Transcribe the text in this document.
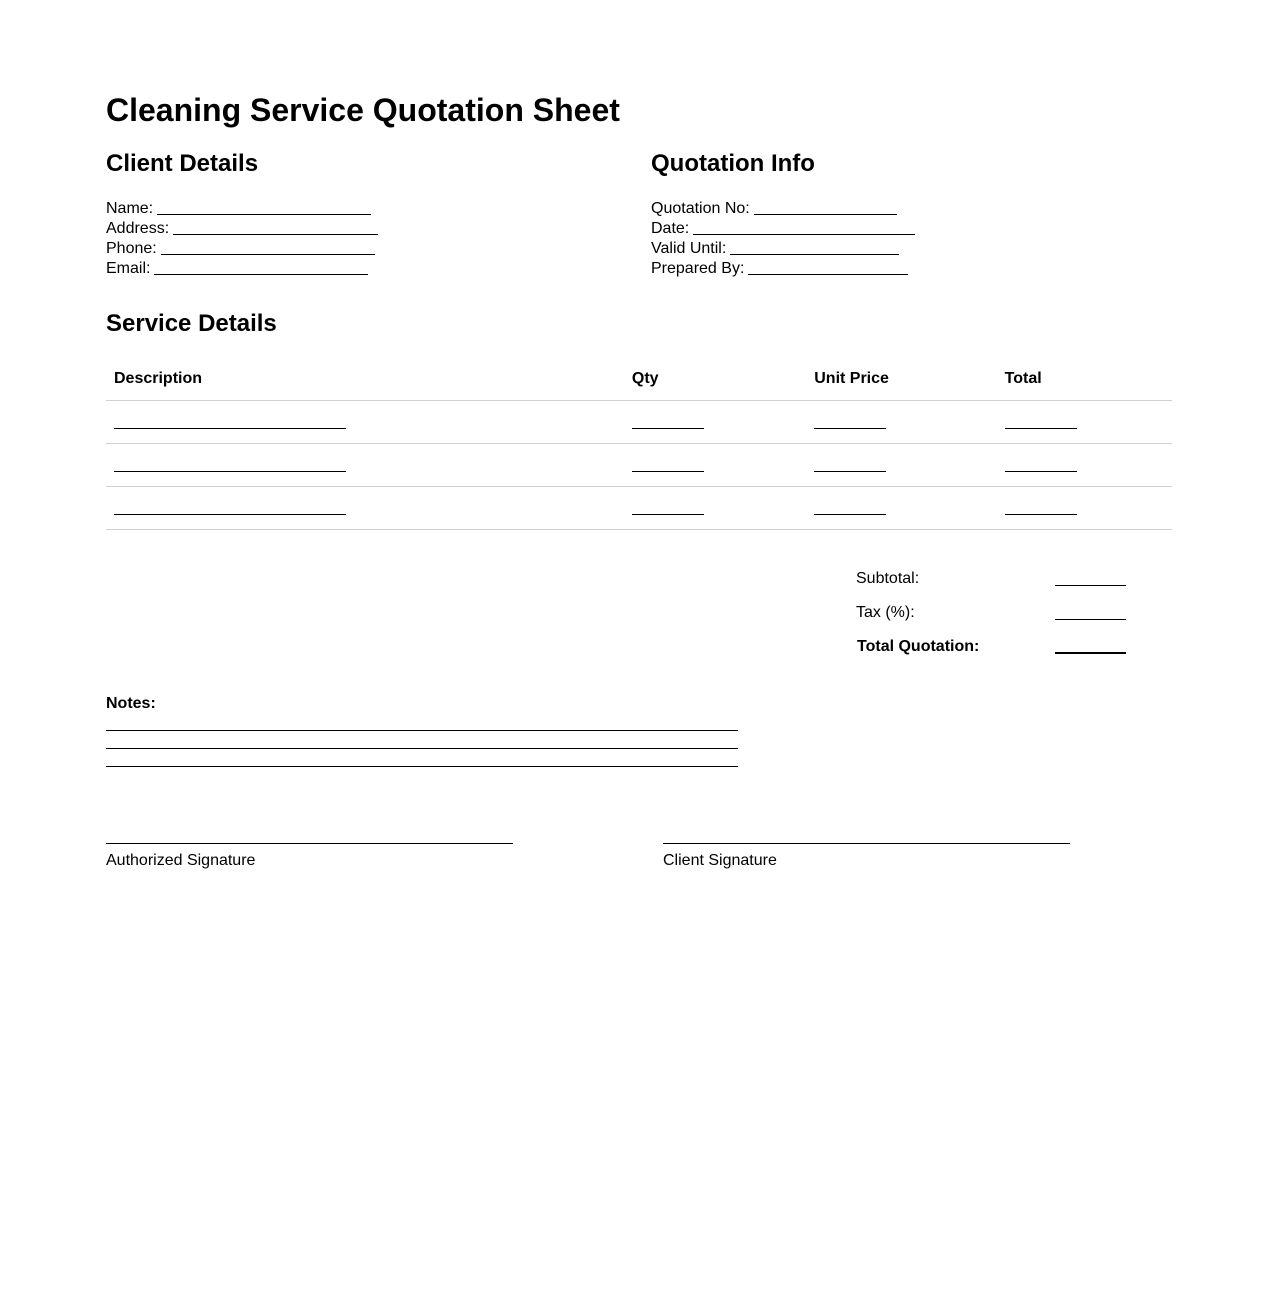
Cleaning Service Quotation Sheet
Client Details
Name:
Address:
Phone:
Email:
Quotation Info
Quotation No:
Date:
Valid Until:
Prepared By:
Service Details
Description	Qty	Unit Price	Total

Subtotal:
Tax (%):
Total Quotation:
Notes:
Authorized Signature	Client Signature
